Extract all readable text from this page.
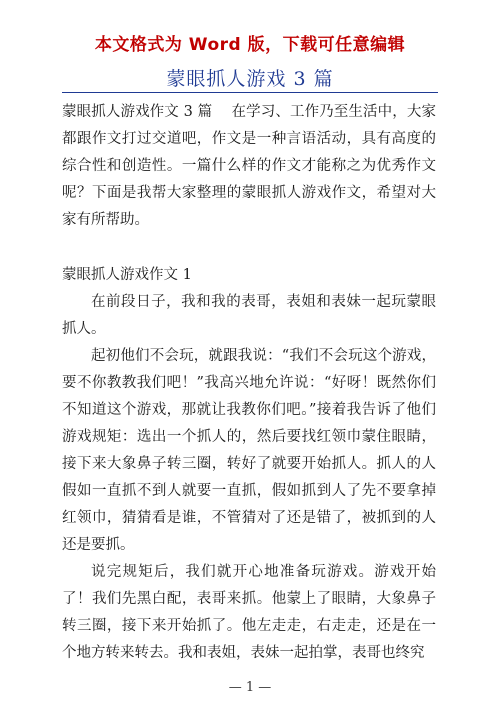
本文格式为 Word 版，下载可任意编辑
蒙眼抓人游戏 3 篇

蒙眼抓人游戏作文 3 篇　 在学习、工作乃至生活中，大家都跟作文打过交道吧，作文是一种言语活动，具有高度的综合性和创造性。一篇什么样的作文才能称之为优秀作文呢？下面是我帮大家整理的蒙眼抓人游戏作文，希望对大家有所帮助。

蒙眼抓人游戏作文 1

在前段日子，我和我的表哥，表姐和表妹一起玩蒙眼抓人。

起初他们不会玩，就跟我说：“我们不会玩这个游戏，要不你教教我们吧！”我高兴地允许说：“好呀！既然你们不知道这个游戏，那就让我教你们吧。”接着我告诉了他们游戏规矩：选出一个抓人的，然后要找红领巾蒙住眼睛，接下来大象鼻子转三圈，转好了就要开始抓人。抓人的人假如一直抓不到人就要一直抓，假如抓到人了先不要拿掉红领巾，猜猜看是谁，不管猜对了还是错了，被抓到的人还是要抓。

说完规矩后，我们就开心地准备玩游戏。游戏开始了！我们先黑白配，表哥来抓。他蒙上了眼睛，大象鼻子转三圈，接下来开始抓了。他左走走，右走走，还是在一个地方转来转去。我和表姐，表妹一起拍掌，表哥也终究

— 1 —
